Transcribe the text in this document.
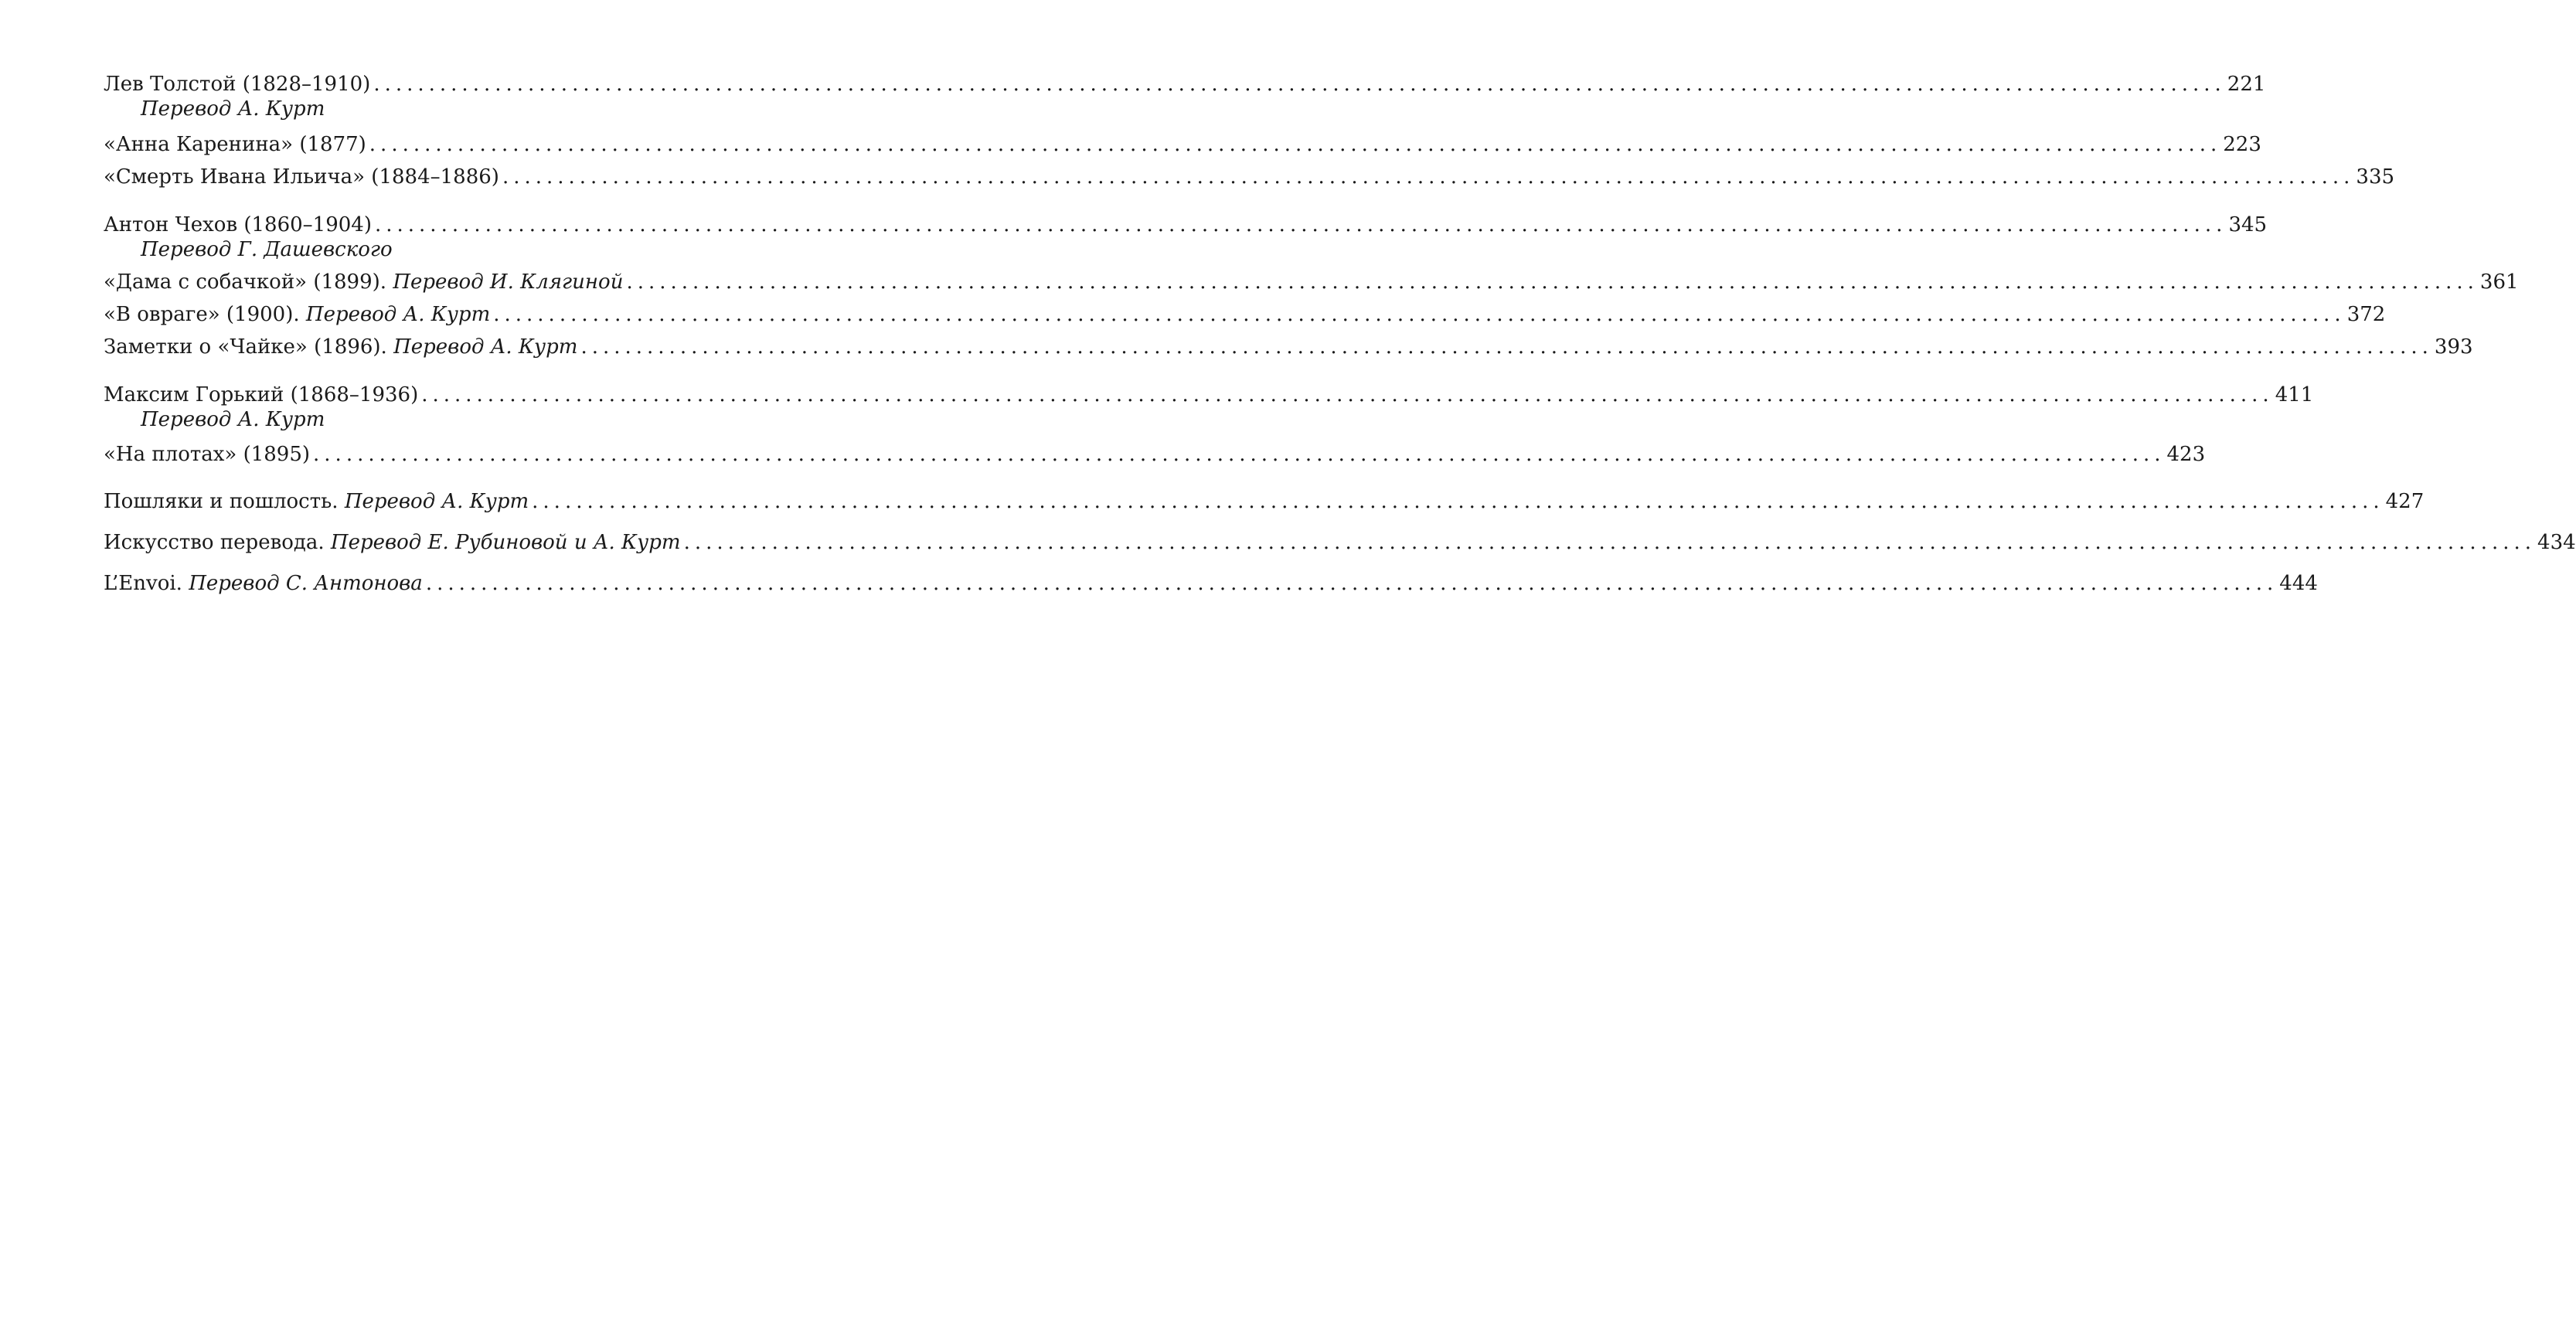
Лев Толстой (1828–1910) .....	221
Перевод А. Курт
«Анна Каренина» (1877) .....	223
«Смерть Ивана Ильича» (1884–1886) .....	335
Антон Чехов (1860–1904) .....	345
Перевод Г. Дашевского
«Дама с собачкой» (1899). Перевод И. Клягиной .....	361
«В овраге» (1900). Перевод А. Курт .....	372
Заметки о «Чайке» (1896). Перевод А. Курт .....	393
Максим Горький (1868–1936) .....	411
Перевод А. Курт
«На плотах» (1895) .....	423
Пошляки и пошлость. Перевод А. Курт .....	427
Искусство перевода. Перевод Е. Рубиновой и А. Курт .....	434
L’Envoi. Перевод С. Антонова .....	444
